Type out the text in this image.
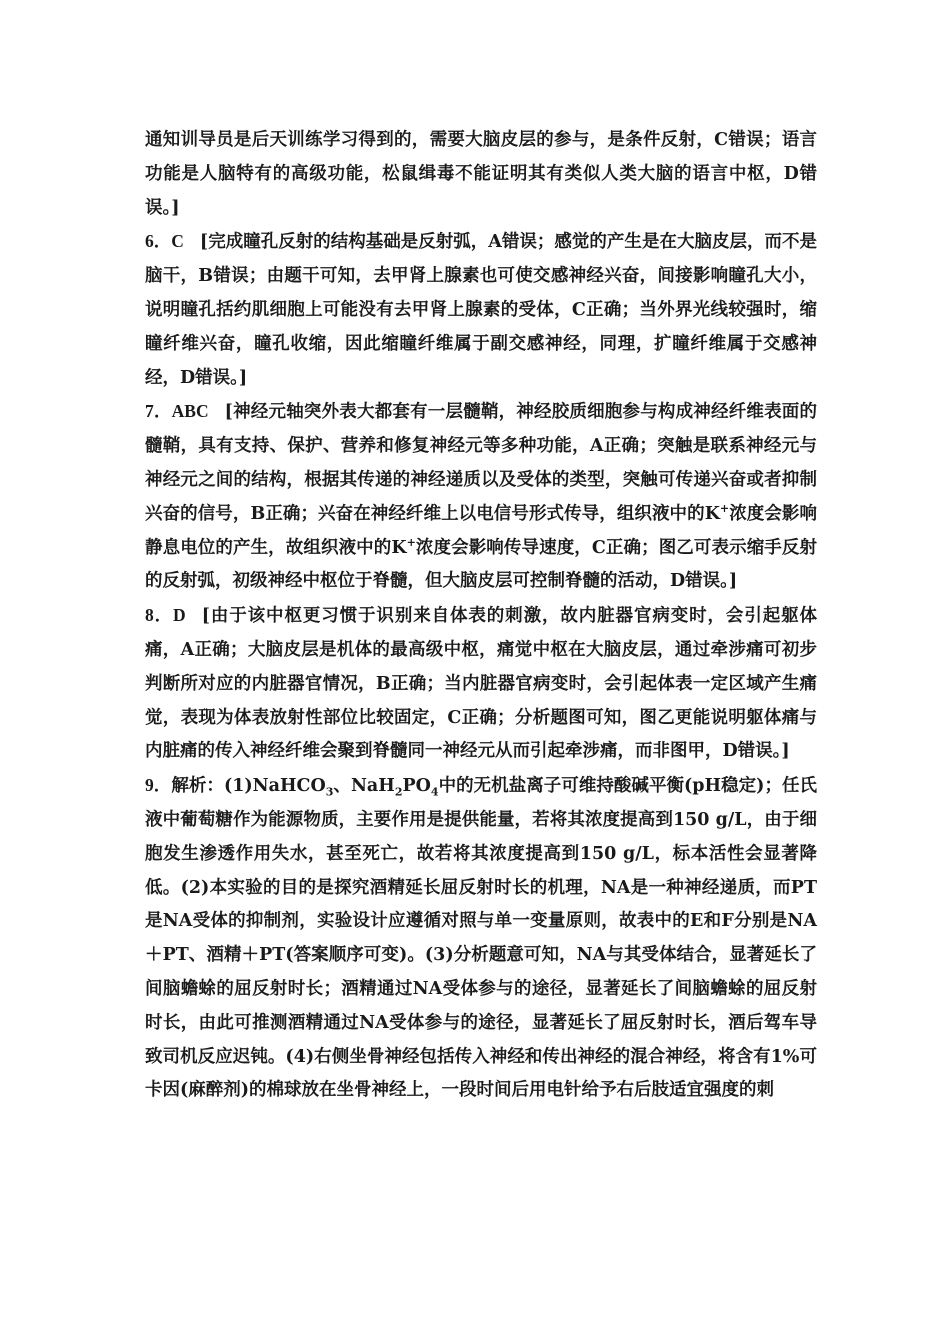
通知训导员是后天训练学习得到的，需要大脑皮层的参与，是条件反射，C错误；语言功能是人脑特有的高级功能，松鼠缉毒不能证明其有类似人类大脑的语言中枢，D错误。]

6．C [完成瞳孔反射的结构基础是反射弧，A错误；感觉的产生是在大脑皮层，而不是脑干，B错误；由题干可知，去甲肾上腺素也可使交感神经兴奋，间接影响瞳孔大小，说明瞳孔括约肌细胞上可能没有去甲肾上腺素的受体，C正确；当外界光线较强时，缩瞳纤维兴奋，瞳孔收缩，因此缩瞳纤维属于副交感神经，同理，扩瞳纤维属于交感神经，D错误。]

7．ABC [神经元轴突外表大都套有一层髓鞘，神经胶质细胞参与构成神经纤维表面的髓鞘，具有支持、保护、营养和修复神经元等多种功能，A正确；突触是联系神经元与神经元之间的结构，根据其传递的神经递质以及受体的类型，突触可传递兴奋或者抑制兴奋的信号，B正确；兴奋在神经纤维上以电信号形式传导，组织液中的K+浓度会影响静息电位的产生，故组织液中的K+浓度会影响传导速度，C正确；图乙可表示缩手反射的反射弧，初级神经中枢位于脊髓，但大脑皮层可控制脊髓的活动，D错误。]

8．D [由于该中枢更习惯于识别来自体表的刺激，故内脏器官病变时，会引起躯体痛，A正确；大脑皮层是机体的最高级中枢，痛觉中枢在大脑皮层，通过牵涉痛可初步判断所对应的内脏器官情况，B正确；当内脏器官病变时，会引起体表一定区域产生痛觉，表现为体表放射性部位比较固定，C正确；分析题图可知，图乙更能说明躯体痛与内脏痛的传入神经纤维会聚到脊髓同一神经元从而引起牵涉痛，而非图甲，D错误。]

9．解析：(1)NaHCO$_3$、$NaH_2PO_4$中的无机盐离子可维持酸碱平衡(pH稳定)；任氏液中葡萄糖作为能源物质，主要作用是提供能量，若将其浓度提高到150 g/L，由于细胞发生渗透作用失水，甚至死亡，故若将其浓度提高到150 g/L，标本活性会显著降低。(2)本实验的目的是探究酒精延长屈反射时长的机理，NA是一种神经递质，而PT是NA受体的抑制剂，实验设计应遵循对照与单一变量原则，故表中的E和F分别是NA＋PT、酒精＋PT(答案顺序可变)。(3)分析题意可知，NA与其受体结合，显著延长了间脑蟾蜍的屈反射时长；酒精通过NA受体参与的途径，显著延长了间脑蟾蜍的屈反射时长，由此可推测酒精通过NA受体参与的途径，显著延长了屈反射时长，酒后驾车导致司机反应迟钝。(4)右侧坐骨神经包括传入神经和传出神经的混合神经，将含有1%可卡因(麻醉剂)的棉球放在坐骨神经上，一段时间后用电针给予右后肢适宜强度的刺
